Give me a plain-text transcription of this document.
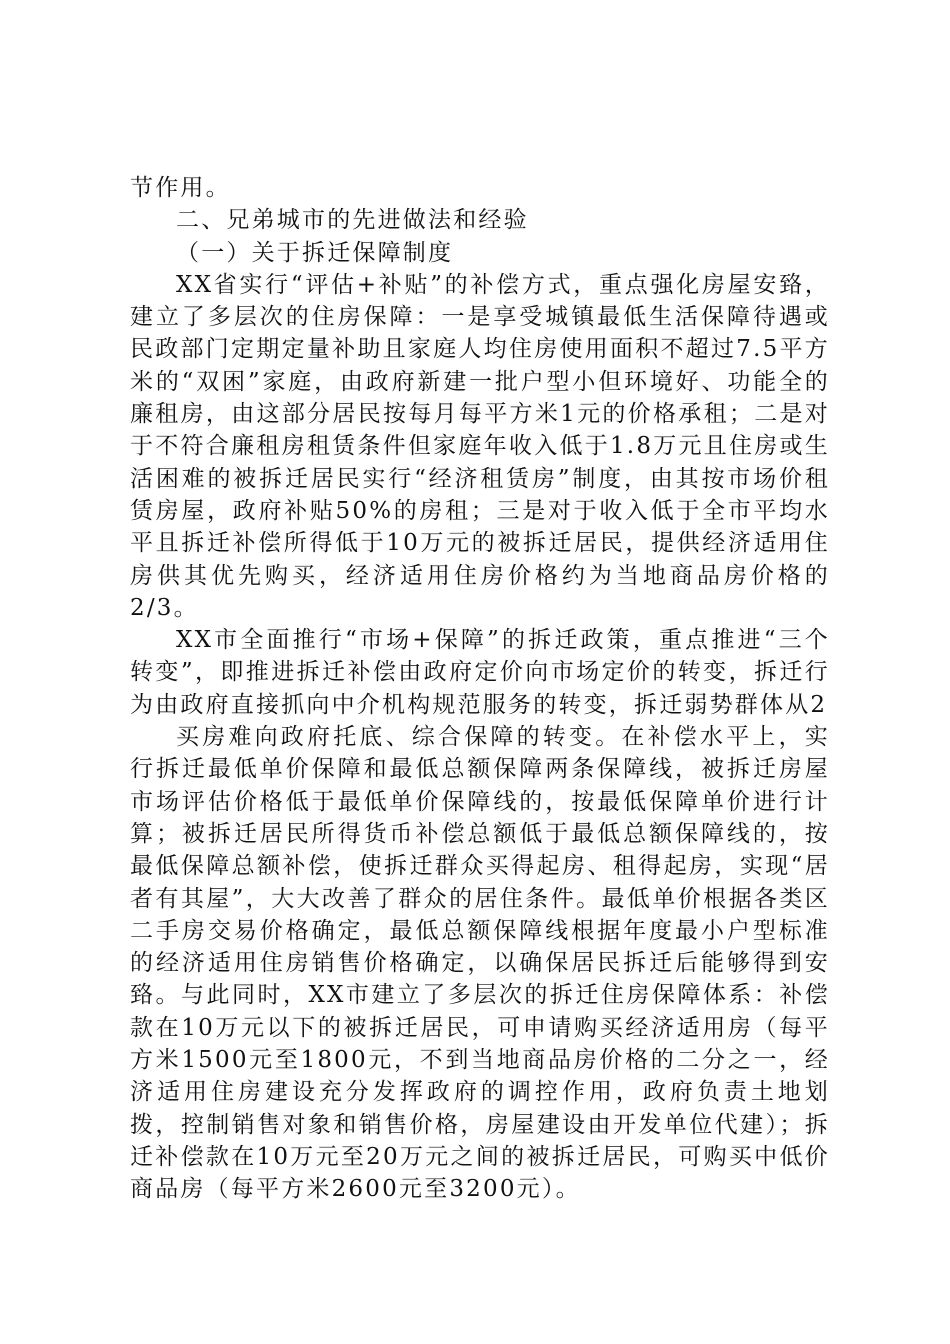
节作用。

二、兄弟城市的先进做法和经验

（一）关于拆迁保障制度

XX省实行“评估+补贴”的补偿方式，重点强化房屋安臵，建立了多层次的住房保障：一是享受城镇最低生活保障待遇或民政部门定期定量补助且家庭人均住房使用面积不超过7.5平方米的“双困”家庭，由政府新建一批户型小但环境好、功能全的廉租房，由这部分居民按每月每平方米1元的价格承租；二是对于不符合廉租房租赁条件但家庭年收入低于1.8万元且住房或生活困难的被拆迁居民实行“经济租赁房”制度，由其按市场价租赁房屋，政府补贴50%的房租；三是对于收入低于全市平均水平且拆迁补偿所得低于10万元的被拆迁居民，提供经济适用住房供其优先购买，经济适用住房价格约为当地商品房价格的2/3。

XX市全面推行“市场+保障”的拆迁政策，重点推进“三个转变”，即推进拆迁补偿由政府定价向市场定价的转变，拆迁行为由政府直接抓向中介机构规范服务的转变，拆迁弱势群体从2

买房难向政府托底、综合保障的转变。在补偿水平上，实行拆迁最低单价保障和最低总额保障两条保障线，被拆迁房屋市场评估价格低于最低单价保障线的，按最低保障单价进行计算；被拆迁居民所得货币补偿总额低于最低总额保障线的，按最低保障总额补偿，使拆迁群众买得起房、租得起房，实现“居者有其屋”，大大改善了群众的居住条件。最低单价根据各类区二手房交易价格确定，最低总额保障线根据年度最小户型标准的经济适用住房销售价格确定，以确保居民拆迁后能够得到安臵。与此同时，XX市建立了多层次的拆迁住房保障体系：补偿款在10万元以下的被拆迁居民，可申请购买经济适用房（每平方米1500元至1800元，不到当地商品房价格的二分之一，经济适用住房建设充分发挥政府的调控作用，政府负责土地划拨，控制销售对象和销售价格，房屋建设由开发单位代建）；拆迁补偿款在10万元至20万元之间的被拆迁居民，可购买中低价商品房（每平方米2600元至3200元）。
